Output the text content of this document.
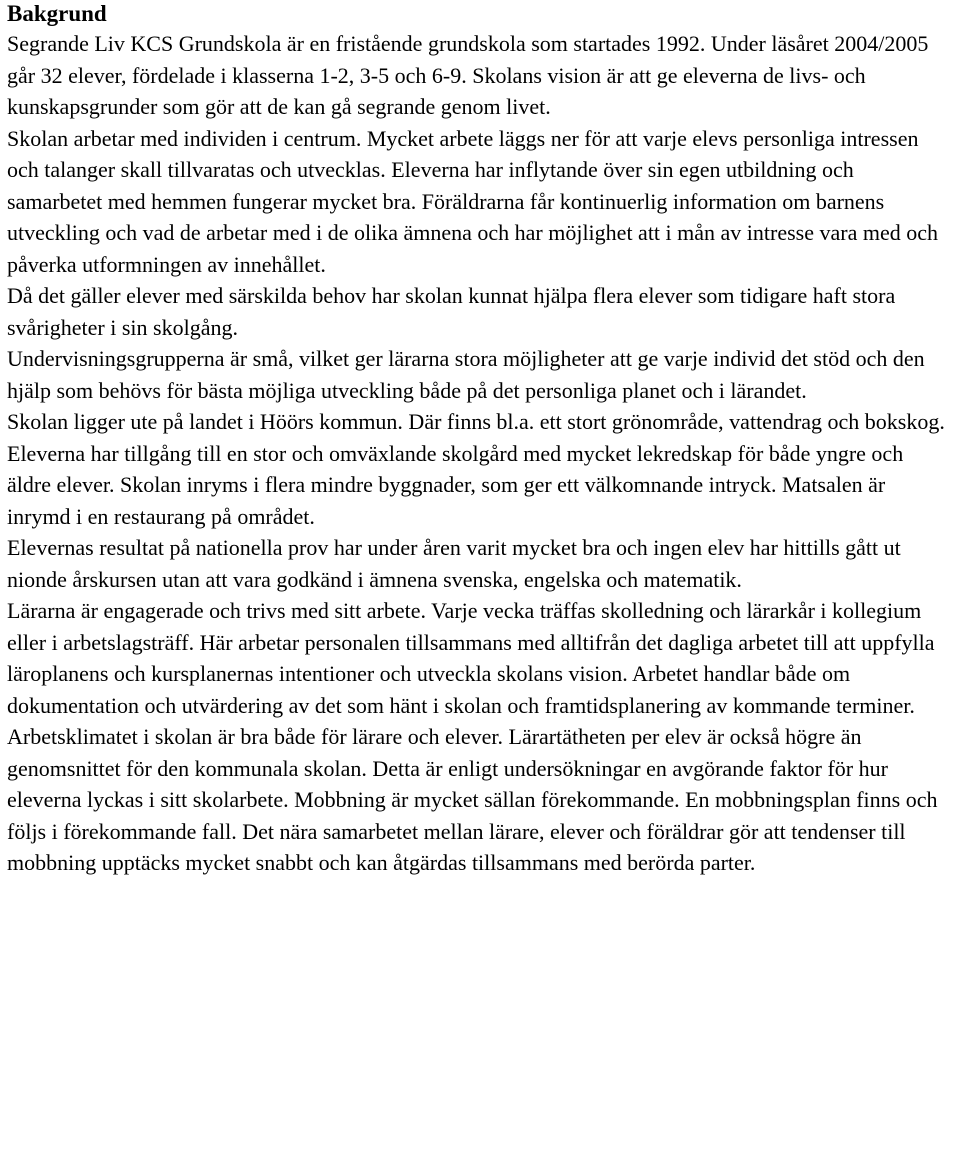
Bakgrund

Segrande Liv KCS Grundskola är en fristående grundskola som startades 1992. Under läsåret 2004/2005 går 32 elever, fördelade i klasserna 1-2, 3-5 och 6-9. Skolans vision är att ge eleverna de livs- och kunskapsgrunder som gör att de kan gå segrande genom livet.

Skolan arbetar med individen i centrum. Mycket arbete läggs ner för att varje elevs personliga intressen och talanger skall tillvaratas och utvecklas. Eleverna har inflytande över sin egen utbildning och samarbetet med hemmen fungerar mycket bra. Föräldrarna får kontinuerlig information om barnens utveckling och vad de arbetar med i de olika ämnena och har möjlighet att i mån av intresse vara med och påverka utformningen av innehållet.

Då det gäller elever med särskilda behov har skolan kunnat hjälpa flera elever som tidigare haft stora svårigheter i sin skolgång.

Undervisningsgrupperna är små, vilket ger lärarna stora möjligheter att ge varje individ det stöd och den hjälp som behövs för bästa möjliga utveckling både på det personliga planet och i lärandet.

Skolan ligger ute på landet i Höörs kommun. Där finns bl.a. ett stort grönområde, vattendrag och bokskog. Eleverna har tillgång till en stor och omväxlande skolgård med mycket lekredskap för både yngre och äldre elever. Skolan inryms i flera mindre byggnader, som ger ett välkomnande intryck. Matsalen är inrymd i en restaurang på området.

Elevernas resultat på nationella prov har under åren varit mycket bra och ingen elev har hittills gått ut nionde årskursen utan att vara godkänd i ämnena svenska, engelska och matematik.

Lärarna är engagerade och trivs med sitt arbete. Varje vecka träffas skolledning och lärarkår i kollegium eller i arbetslagsträff. Här arbetar personalen tillsammans med alltifrån det dagliga arbetet till att uppfylla läroplanens och kursplanernas intentioner och utveckla skolans vision. Arbetet handlar både om dokumentation och utvärdering av det som hänt i skolan och framtidsplanering av kommande terminer. Arbetsklimatet i skolan är bra både för lärare och elever. Lärartätheten per elev är också högre än genomsnittet för den kommunala skolan. Detta är enligt undersökningar en avgörande faktor för hur eleverna lyckas i sitt skolarbete. Mobbning är mycket sällan förekommande. En mobbningsplan finns och följs i förekommande fall. Det nära samarbetet mellan lärare, elever och föräldrar gör att tendenser till mobbning upptäcks mycket snabbt och kan åtgärdas tillsammans med berörda parter.
